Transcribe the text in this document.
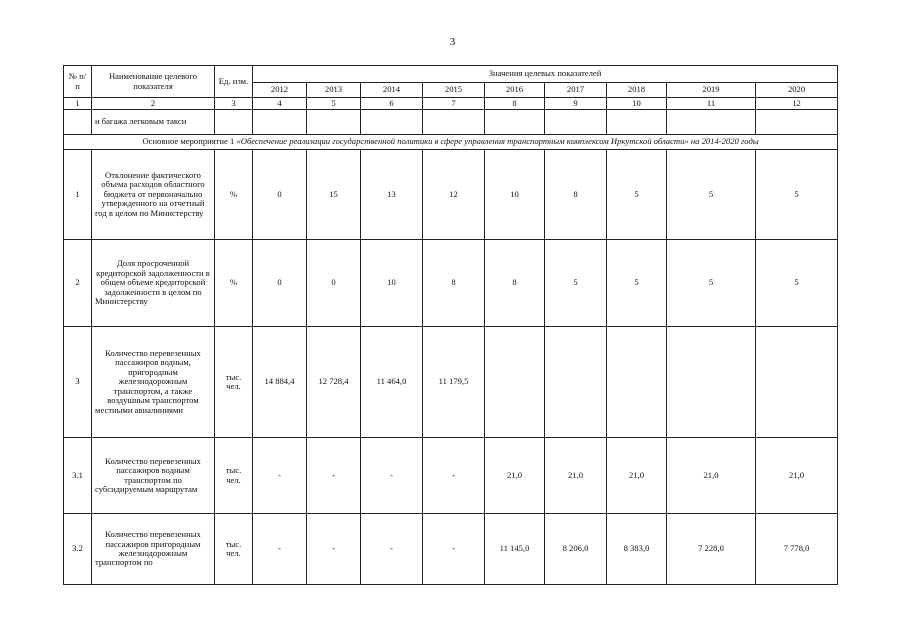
3
№ п/п	Наименование целевого показателя	Ед. изм.	Значения целевых показателей								
			2012	2013	2014	2015	2016	2017	2018	2019	2020
1	2	3	4	5	6	7	8	9	10	11	12
	и багажа легковым такси										
Основное мероприятие 1 «Обеспечение реализации государственной политики в сфере управления транспортным комплексом Иркутской области» на 2014-2020 годы											
1	Отклонение фактического объема расходов областного бюджета от первоначально утвержденного на отчетный год в целом по Министерству	%	0	15	13	12	10	8	5	5	5
2	Доля просроченной кредиторской задолженности в общем объеме кредиторской задолженности в целом по Министерству	%	0	0	10	8	8	5	5	5	5
3	Количество перевезенных пассажиров водным, пригородным железнодорожным транспортом, а также воздушным транспортом местными авиалиниями	тыс. чел.	14 884,4	12 728,4	11 464,0	11 179,5					
3.1	Количество перевезенных пассажиров водным транспортом по субсидируемым маршрутам	тыс. чел.	-	-	-	-	21,0	21,0	21,0	21,0	21,0
3.2	Количество перевезенных пассажиров пригородным железнодорожным транспортом по	тыс. чел.	-	-	-	-	11 145,0	8 206,0	8 383,0	7 228,0	7 778,0
